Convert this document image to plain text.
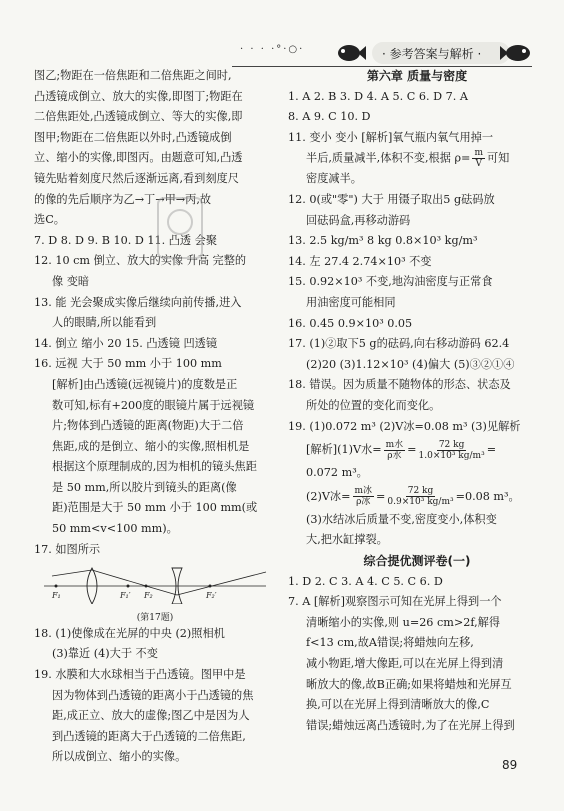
· · · ·°·○·	· 参考答案与解析 ·

图乙;物距在一倍焦距和二倍焦距之间时,

凸透镜成倒立、放大的实像,即图丁;物距在

二倍焦距处,凸透镜成倒立、等大的实像,即

图甲;物距在二倍焦距以外时,凸透镜成倒

立、缩小的实像,即图丙。由题意可知,凸透

镜先贴着刻度尺然后逐渐远离,看到刻度尺

的像的先后顺序为乙→丁→甲→丙,故

选C。

7. D 8. D 9. B 10. D 11. 凸透 会聚

12. 10 cm 倒立、放大的实像 升高 完整的

像 变暗

13. 能 光会聚成实像后继续向前传播,进入

人的眼睛,所以能看到

14. 倒立 缩小 20 15. 凸透镜 凹透镜

16. 远视 大于 50 mm 小于 100 mm

[解析]由凸透镜(远视镜片)的度数是正

数可知,标有+200度的眼镜片属于远视镜

片;物体到凸透镜的距离(物距)大于二倍

焦距,成的是倒立、缩小的实像,照相机是

根据这个原理制成的,因为相机的镜头焦距

是 50 mm,所以胶片到镜头的距离(像

距)范围是大于 50 mm 小于 100 mm(或

50 mm<v<100 mm)。

17. 如图所示

F₁	F₁′ F₂	F₂′
(第17题)

18. (1)使像成在光屏的中央 (2)照相机

(3)靠近 (4)大于 不变

19. 水膜和大水球相当于凸透镜。图甲中是

因为物体到凸透镜的距离小于凸透镜的焦

距,成正立、放大的虚像;图乙中是因为人

到凸透镜的距离大于凸透镜的二倍焦距,

所以成倒立、缩小的实像。

第六章 质量与密度

1. A 2. B 3. D 4. A 5. C 6. D 7. A

8. A 9. C 10. D

11. 变小 变小 [解析]氧气瓶内氧气用掉一

半后,质量减半,体积不变,根据 $\rho= \frac{m}{V}$ 可知

密度减半。

12. 0(或"零") 大于 用镊子取出5 g砝码放

回砝码盒,再移动游码

13. 2.5 kg/m³ 8 kg 0.8×10³ kg/m³

14. 左 27.4 2.74×10³ 不变

15. 0.92×10³ 不变,地沟油密度与正常食

用油密度可能相同

16. 0.45 0.9×10³ 0.05

17. (1)②取下5 g的砝码,向右移动游码 62.4

(2)20 (3)1.12×10³ (4)偏大 (5)③②①④

18. 错误。因为质量不随物体的形态、状态及

所处的位置的变化而变化。

19. (1)0.072 m³ (2)V冰=0.08 m³ (3)见解析

[解析](1)V水= $\frac{\text{m水}}{\text{ρ水}} = \frac{72 kg}{\text{1.0×10³ kg/m³}}$ =

0.072 m³。

(2)V冰= $\frac{\text{m冰}}{\text{ρ冰}} = \frac{72 kg}{\text{0.9×10³ kg/m³}} =0.08$ m³。

(3)水结冰后质量不变,密度变小,体积变

大,把水缸撑裂。

综合提优测评卷(一)

1. D 2. C 3. A 4. C 5. C 6. D

7. A [解析]观察图示可知在光屏上得到一个

清晰缩小的实像,则 u=26 cm>2f,解得

f<13 cm,故A错误;将蜡烛向左移,

减小物距,增大像距,可以在光屏上得到清

晰放大的像,故B正确;如果将蜡烛和光屏互

换,可以在光屏上得到清晰放大的像,C

错误;蜡烛远离凸透镜时,为了在光屏上得到

89
